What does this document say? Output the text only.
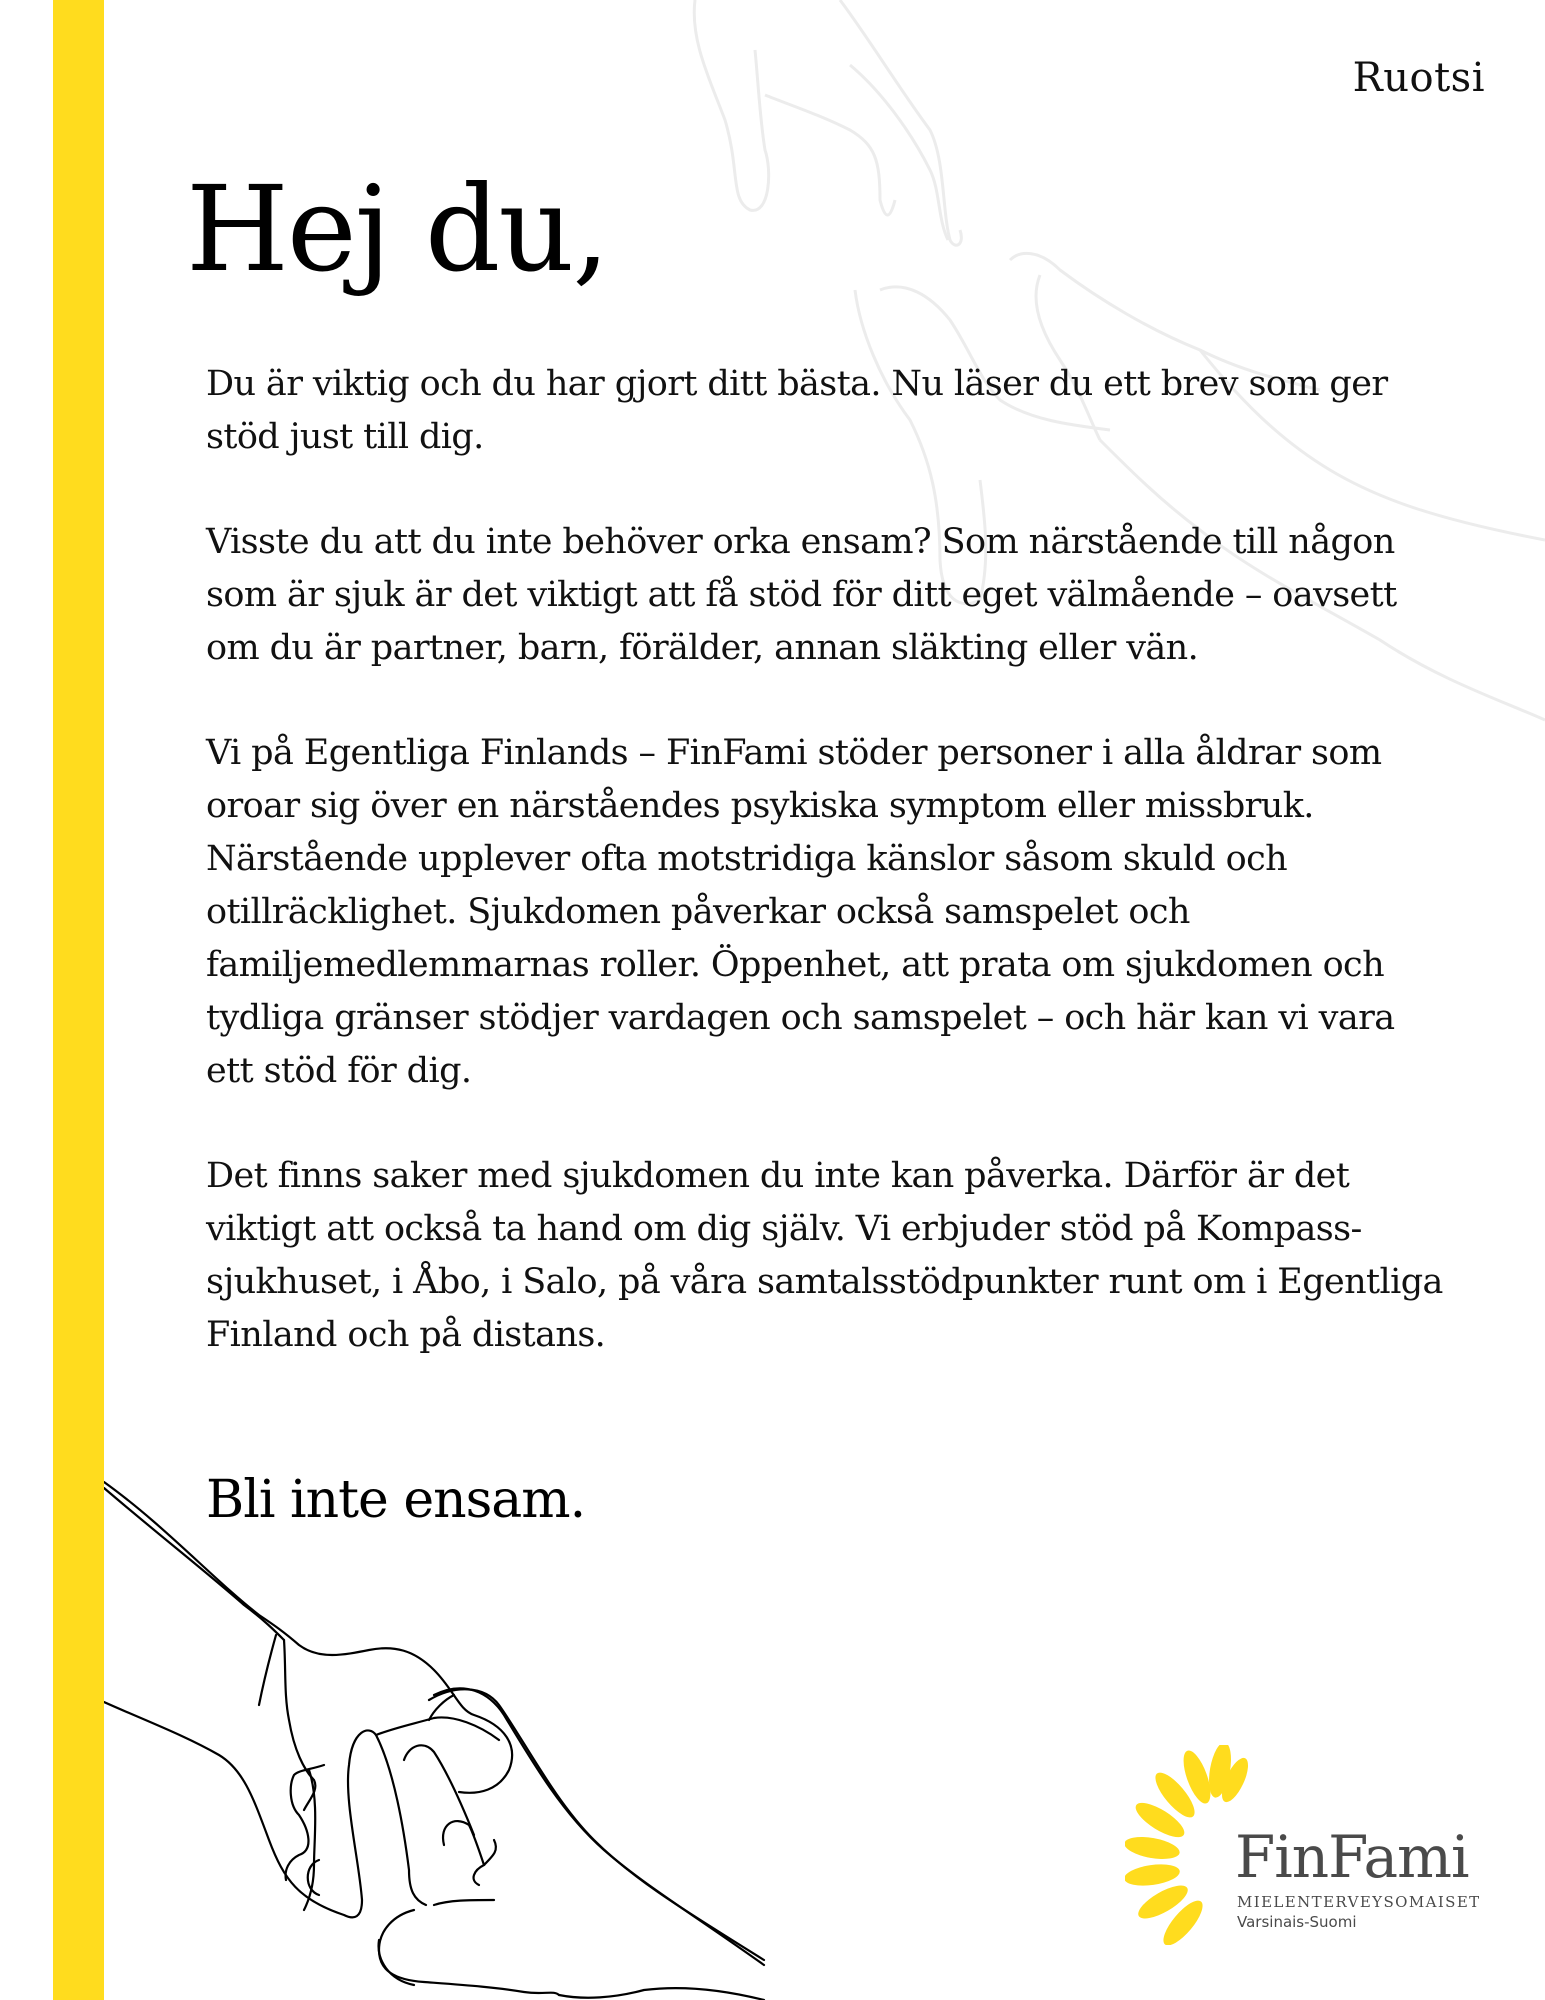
Ruotsi
Hej du,

Du är viktig och du har gjort ditt bästa. Nu läser du ett brev som ger stöd just till dig.

Visste du att du inte behöver orka ensam? Som närstående till någon som är sjuk är det viktigt att få stöd för ditt eget välmående – oavsett om du är partner, barn, förälder, annan släkting eller vän.

Vi på Egentliga Finlands – FinFami stöder personer i alla åldrar som oroar sig över en närståendes psykiska symptom eller missbruk. Närstående upplever ofta motstridiga känslor såsom skuld och otillräcklighet. Sjukdomen påverkar också samspelet och familjemedlemmarnas roller. Öppenhet, att prata om sjukdomen och tydliga gränser stödjer vardagen och samspelet – och här kan vi vara ett stöd för dig.

Det finns saker med sjukdomen du inte kan påverka. Därför är det viktigt att också ta hand om dig själv. Vi erbjuder stöd på Kompass-sjukhuset, i Åbo, i Salo, på våra samtalsstödpunkter runt om i Egentliga Finland och på distans.

Bli inte ensam.
FinFami
MIELENTERVEYSOMAISET
Varsinais-Suomi
